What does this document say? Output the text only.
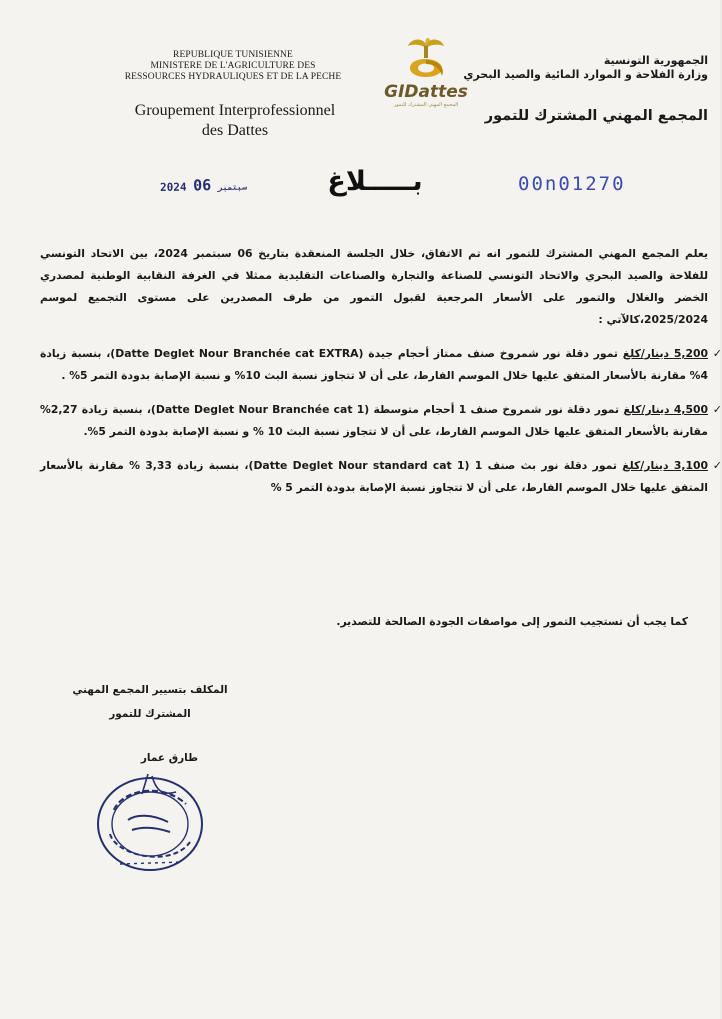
REPUBLIQUE TUNISIENNE
MINISTERE DE L'AGRICULTURE DES
RESSOURCES HYDRAULIQUES ET DE LA PECHE
Groupement Interprofessionnel
des Dattes
GIDattes
المجمع المهني المشترك للتمور
الجمهورية التونسية
وزارة الفلاحة و الموارد المائية والصيد البحري
المجمع المهني المشترك للتمور
2024	سبتمبر 06	بـــــلاغ	00n01270

يعلم المجمع المهني المشترك للتمور انه تم الاتفاق، خلال الجلسة المنعقدة بتاريخ 06 سبتمبر 2024، بين الاتحاد التونسي للفلاحة والصيد البحري والاتحاد التونسي للصناعة والتجارة والصناعات التقليدية ممثلا في الغرفة النقابية الوطنية لمصدري الخضر والغلال والتمور على الأسعار المرجعية لقبول التمور من طرف المصدرين على مستوى التجميع لموسم 2025/2024،كالآتي :

✓
5,200 دينار/كلغ تمور دقلة نور شمروخ صنف ممتاز أحجام جيدة (Datte Deglet Nour Branchée cat EXTRA)، بنسبة زيادة 4% مقارنة بالأسعار المتفق عليها خلال الموسم الفارط، على أن لا تتجاوز نسبة البث 10% و نسبة الإصابة بدودة التمر 5% .
✓
4,500 دينار/كلغ تمور دقلة نور شمروخ صنف 1 أحجام متوسطة (Datte Deglet Nour Branchée cat 1)، بنسبة زيادة 2,27% مقارنة بالأسعار المتفق عليها خلال الموسم الفارط، على أن لا تتجاوز نسبة البث 10 % و نسبة الإصابة بدودة التمر 5%.
✓
3,100 دينار/كلغ تمور دقلة نور بث صنف 1 (Datte Deglet Nour standard cat 1)، بنسبة زيادة 3,33 % مقارنة بالأسعار المتفق عليها خلال الموسم الفارط، على أن لا تتجاوز نسبة الإصابة بدودة التمر 5 %
كما يجب أن تستجيب التمور إلى مواصفات الجودة الصالحة للتصدير.
المكلف بتسيير المجمع المهني
المشترك للتمور
طارق عمار
